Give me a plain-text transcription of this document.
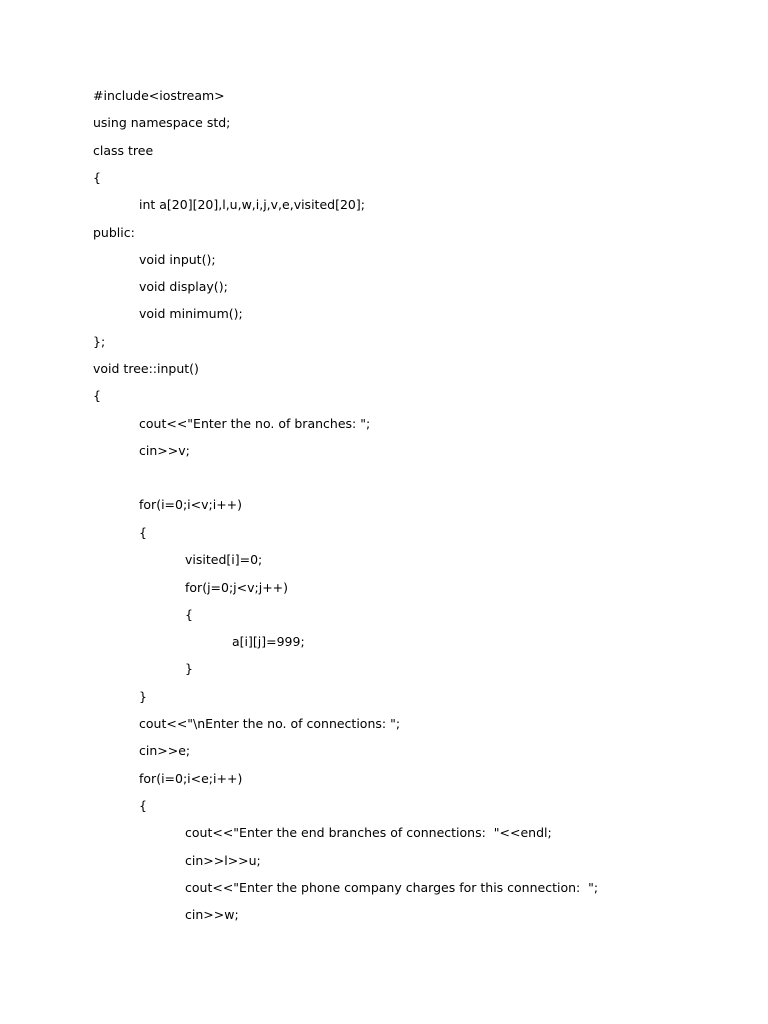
#include<iostream>
using namespace std;
class tree
{
int a[20][20],l,u,w,i,j,v,e,visited[20];
public:
void input();
void display();
void minimum();
};
void tree::input()
{
cout<<"Enter the no. of branches: ";
cin>>v;
for(i=0;i<v;i++)
{
visited[i]=0;
for(j=0;j<v;j++)
{
a[i][j]=999;
}
}
cout<<"\nEnter the no. of connections: ";
cin>>e;
for(i=0;i<e;i++)
{
cout<<"Enter the end branches of connections:  "<<endl;
cin>>l>>u;
cout<<"Enter the phone company charges for this connection:  ";
cin>>w;
